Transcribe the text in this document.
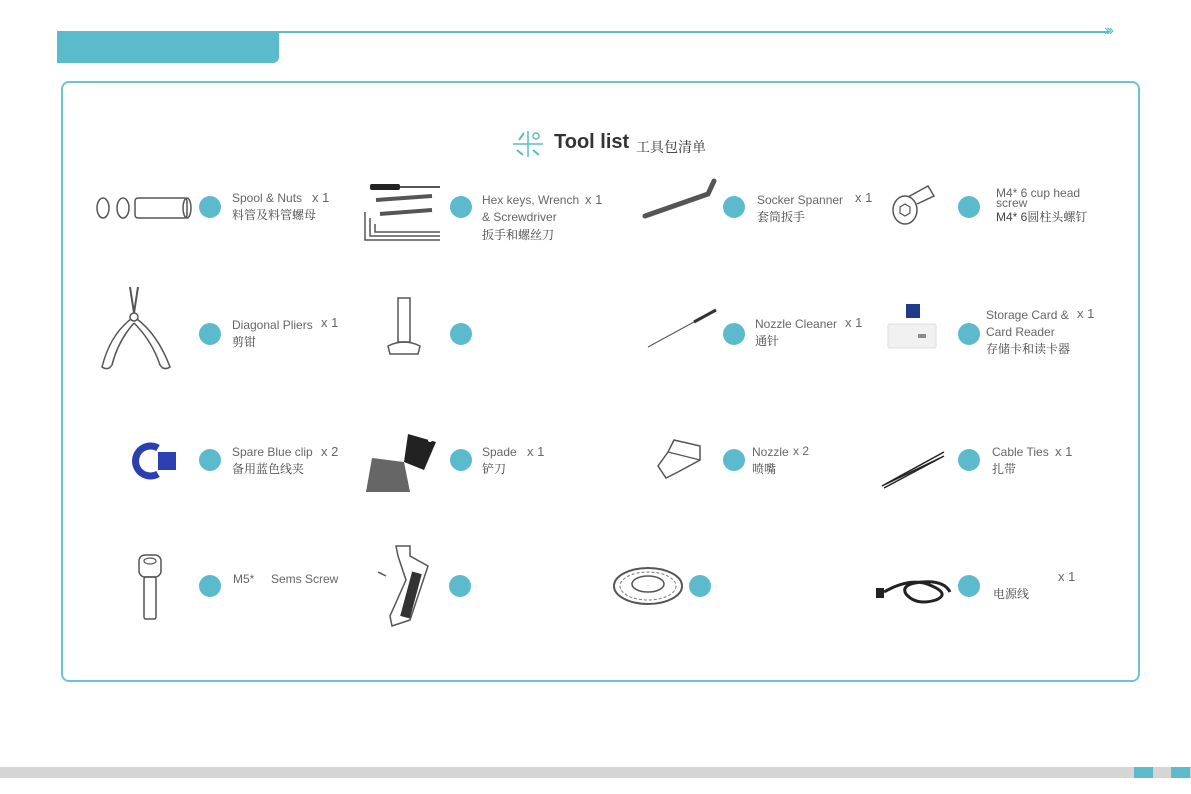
›››
Tool list 工具包清单
Spool & Nuts x 1
料管及料管螺母
Hex keys, Wrench x 1
& Screwdriver
扳手和螺丝刀
Socker Spanner x 1
套筒扳手
M4* 6 cup head
screw
M4* 6圆柱头螺钉
Diagonal Pliers x 1
剪钳
Nozzle Cleaner x 1
通针
Storage Card & x 1
Card Reader
存储卡和读卡器
Spare Blue clip x 2
备用蓝色线夹
Spade x 1
铲刀
Nozzle x 2
喷嘴
Cable Ties x 1
扎带
M5* Sems Screw	x 1
电源线
